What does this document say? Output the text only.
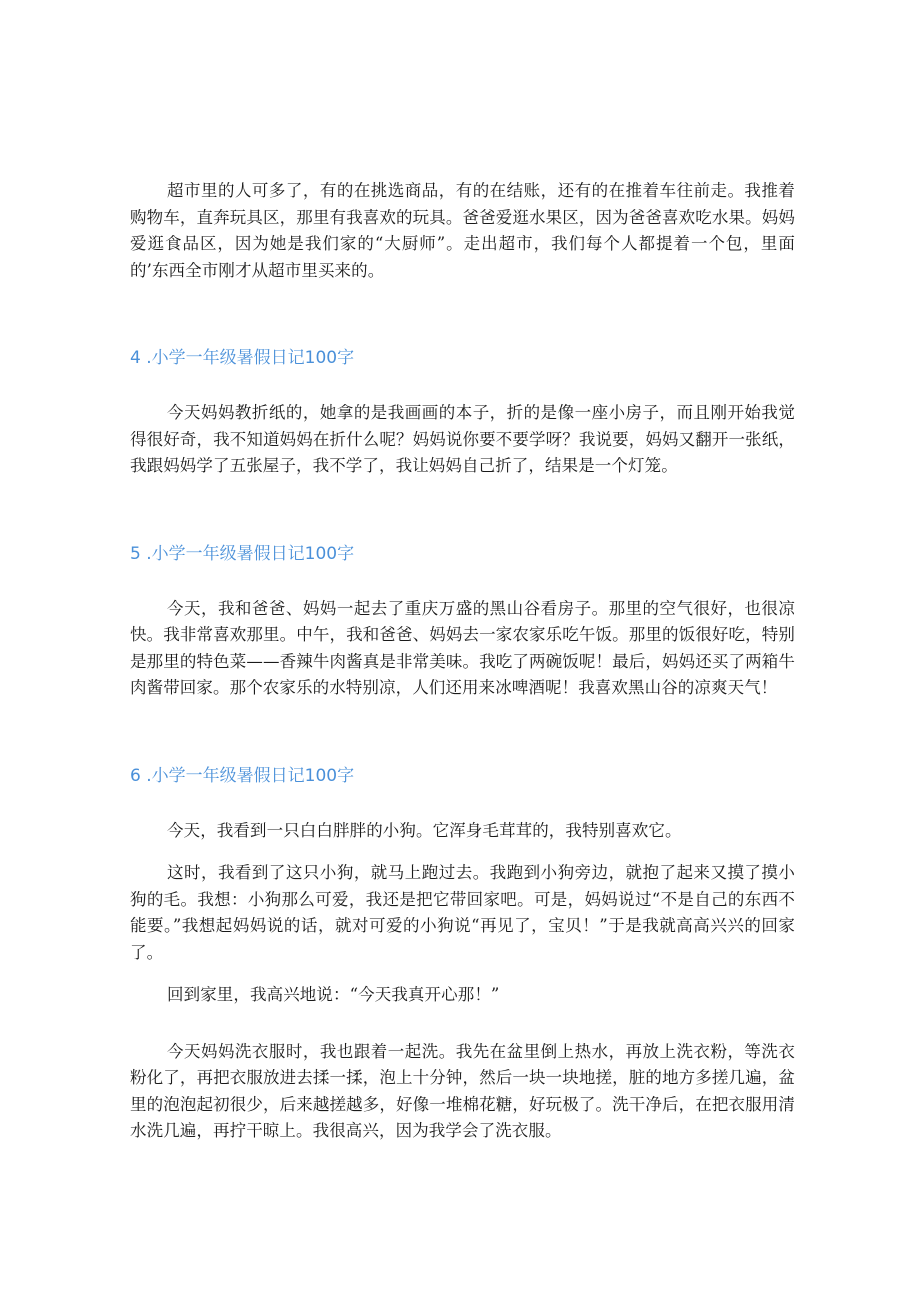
超市里的人可多了，有的在挑选商品，有的在结账，还有的在推着车往前走。我推着购物车，直奔玩具区，那里有我喜欢的玩具。爸爸爱逛水果区，因为爸爸喜欢吃水果。妈妈爱逛食品区，因为她是我们家的“大厨师”。走出超市，我们每个人都提着一个包，里面的’东西全市刚才从超市里买来的。

4 .小学一年级暑假日记100字

今天妈妈教折纸的，她拿的是我画画的本子，折的是像一座小房子，而且刚开始我觉得很好奇，我不知道妈妈在折什么呢？妈妈说你要不要学呀？我说要，妈妈又翻开一张纸，我跟妈妈学了五张屋子，我不学了，我让妈妈自己折了，结果是一个灯笼。

5 .小学一年级暑假日记100字

今天，我和爸爸、妈妈一起去了重庆万盛的黑山谷看房子。那里的空气很好，也很凉快。我非常喜欢那里。中午，我和爸爸、妈妈去一家农家乐吃午饭。那里的饭很好吃，特别是那里的特色菜——香辣牛肉酱真是非常美味。我吃了两碗饭呢！最后，妈妈还买了两箱牛肉酱带回家。那个农家乐的水特别凉，人们还用来冰啤酒呢！我喜欢黑山谷的凉爽天气！

6 .小学一年级暑假日记100字

今天，我看到一只白白胖胖的小狗。它浑身毛茸茸的，我特别喜欢它。

这时，我看到了这只小狗，就马上跑过去。我跑到小狗旁边，就抱了起来又摸了摸小狗的毛。我想：小狗那么可爱，我还是把它带回家吧。可是，妈妈说过“不是自己的东西不能要。”我想起妈妈说的话，就对可爱的小狗说“再见了，宝贝！”于是我就高高兴兴的回家了。

回到家里，我高兴地说：“今天我真开心那！”

今天妈妈洗衣服时，我也跟着一起洗。我先在盆里倒上热水，再放上洗衣粉，等洗衣粉化了，再把衣服放进去揉一揉，泡上十分钟，然后一块一块地搓，脏的地方多搓几遍，盆里的泡泡起初很少，后来越搓越多，好像一堆棉花糖，好玩极了。洗干净后，在把衣服用清水洗几遍，再拧干晾上。我很高兴，因为我学会了洗衣服。
